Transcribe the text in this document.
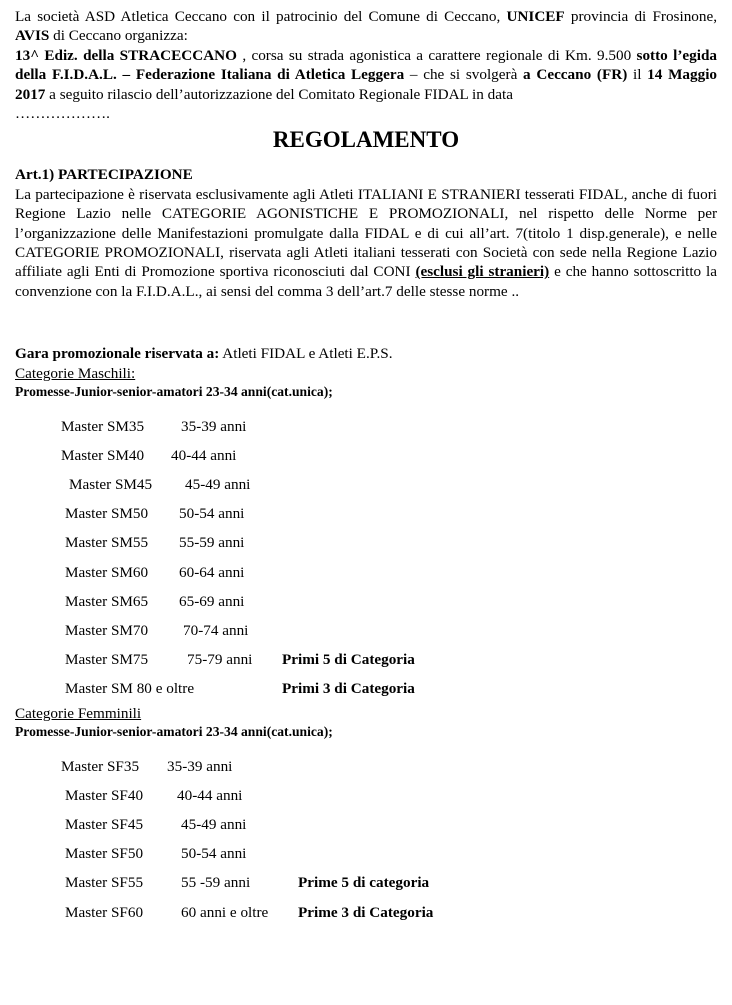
La società ASD Atletica Ceccano con il patrocinio del Comune di Ceccano, UNICEF provincia di Frosinone, AVIS di Ceccano organizza:
13^ Ediz. della STRACECCANO , corsa su strada agonistica a carattere regionale di Km. 9.500 sotto l’egida della F.I.D.A.L. – Federazione Italiana di Atletica Leggera – che si svolgerà a Ceccano (FR) il 14 Maggio 2017 a seguito rilascio dell’autorizzazione del Comitato Regionale FIDAL in data
……………….

REGOLAMENTO

Art.1) PARTECIPAZIONE

La partecipazione è riservata esclusivamente agli Atleti ITALIANI E STRANIERI tesserati FIDAL, anche di fuori Regione Lazio nelle CATEGORIE AGONISTICHE E PROMOZIONALI, nel rispetto delle Norme per l’organizzazione delle Manifestazioni promulgate dalla FIDAL e di cui all’art. 7(titolo 1 disp.generale), e nelle CATEGORIE PROMOZIONALI, riservata agli Atleti italiani tesserati con Società con sede nella Regione Lazio affiliate agli Enti di Promozione sportiva riconosciuti dal CONI (esclusi gli stranieri) e che hanno sottoscritto la convenzione con la F.I.D.A.L., ai sensi del comma 3 dell’art.7 delle stesse norme ..

Gara promozionale riservata a: Atleti FIDAL e Atleti E.P.S.

Categorie Maschili:

Promesse-Junior-senior-amatori 23-34 anni(cat.unica);

Master SM35 35-39 anni
Master SM40 40-44 anni
Master SM45 45-49 anni
Master SM50 50-54 anni
Master SM55 55-59 anni
Master SM60 60-64 anni
Master SM65 65-69 anni
Master SM70 70-74 anni
Master SM75	75-79 anni Primi 5 di Categoria
Master SM 80 e oltre	Primi 3 di Categoria

Categorie Femminili

Promesse-Junior-senior-amatori 23-34 anni(cat.unica);

Master SF35 35-39 anni
Master SF40 40-44 anni
Master SF45 45-49 anni
Master SF50 50-54 anni
Master SF55 55 -59 anni	Prime 5 di categoria
Master SF60 60 anni e oltre Prime 3 di Categoria
